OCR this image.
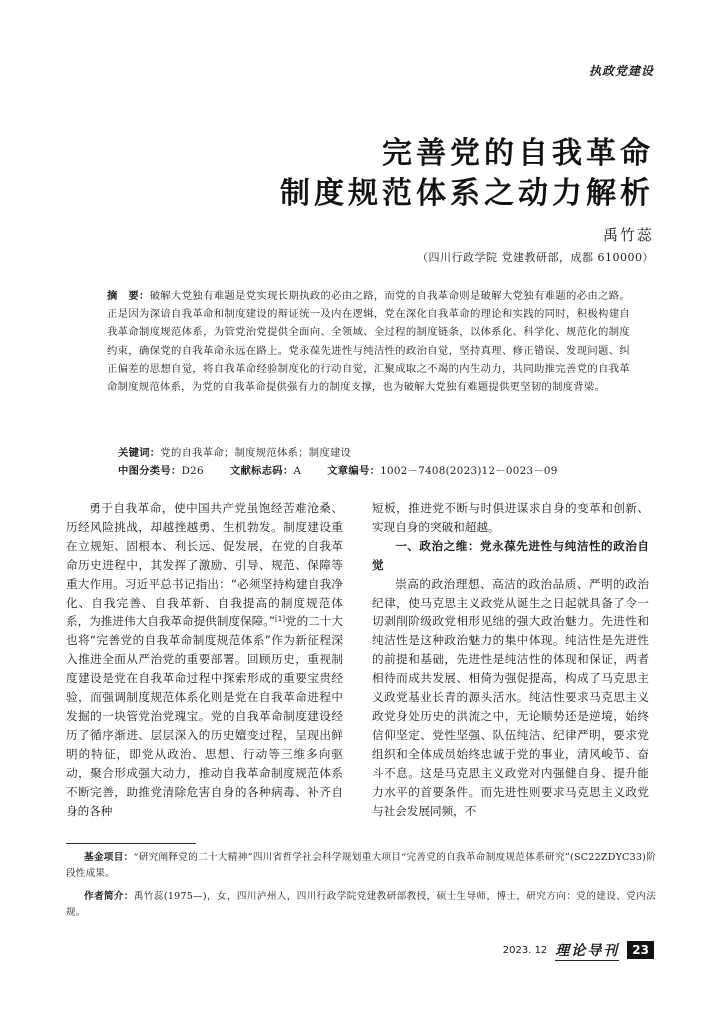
执政党建设
完善党的自我革命
制度规范体系之动力解析
禹竹蕊
（四川行政学院 党建教研部，成都 610000）
摘　要：破解大党独有难题是党实现长期执政的必由之路，而党的自我革命则是破解大党独有难题的必由之路。正是因为深谙自我革命和制度建设的辩证统一及内在逻辑，党在深化自我革命的理论和实践的同时，积极构建自我革命制度规范体系，为管党治党提供全面向、全领域、全过程的制度链条，以体系化、科学化、规范化的制度约束，确保党的自我革命永远在路上。党永葆先进性与纯洁性的政治自觉，坚持真理、修正错误、发现问题、纠正偏差的思想自觉，将自我革命经验制度化的行动自觉，汇聚成取之不竭的内生动力，共同助推完善党的自我革命制度规范体系，为党的自我革命提供强有力的制度支撑，也为破解大党独有难题提供更坚韧的制度背梁。
关键词：党的自我革命；制度规范体系；制度建设
中图分类号：D26	文献标志码：A	文章编号：1002－7408(2023)12－0023－09

勇于自我革命，使中国共产党虽饱经苦难沧桑、历经风险挑战，却越挫越勇、生机勃发。制度建设重在立规矩、固根本、利长远、促发展，在党的自我革命历史进程中，其发挥了激励、引导、规范、保障等重大作用。习近平总书记指出：“必须坚持构建自我净化、自我完善、自我革新、自我提高的制度规范体系，为推进伟大自我革命提供制度保障。”[1]党的二十大也将“完善党的自我革命制度规范体系”作为新征程深入推进全面从严治党的重要部署。回顾历史，重视制度建设是党在自我革命过程中探索形成的重要宝贵经验，而强调制度规范体系化则是党在自我革命进程中发掘的一块管党治党瑰宝。党的自我革命制度建设经历了循序渐进、层层深入的历史嬗变过程，呈现出鲜明的特征，即党从政治、思想、行动等三维多向驱动，聚合形成强大动力，推动自我革命制度规范体系不断完善，助推党清除危害自身的各种病毒、补齐自身的各种

短板，推进党不断与时俱进谋求自身的变革和创新、实现自身的突破和超越。

一、政治之维：党永葆先进性与纯洁性的政治自觉

崇高的政治理想、高洁的政治品质、严明的政治纪律，使马克思主义政党从诞生之日起就具备了令一切剥削阶级政党相形见绌的强大政治魅力。先进性和纯洁性是这种政治魅力的集中体现。纯洁性是先进性的前提和基础，先进性是纯洁性的体现和保证，两者相待而成共发展、相倚为强促提高，构成了马克思主义政党基业长青的源头活水。纯洁性要求马克思主义政党身处历史的洪流之中，无论顺势还是逆境，始终信仰坚定、党性坚强、队伍纯洁、纪律严明，要求党组织和全体成员始终忠诚于党的事业，清风峻节、奋斗不息。这是马克思主义政党对内强健自身、提升能力水平的首要条件。而先进性则要求马克思主义政党与社会发展同频，不

基金项目：“研究阐释党的二十大精神”四川省哲学社会科学规划重大项目“完善党的自我革命制度规范体系研究”(SC22ZDYC33)阶段性成果。
作者简介：禹竹蕊(1975—)，女，四川泸州人，四川行政学院党建教研部教授，硕士生导师，博士，研究方向：党的建设、党内法规。
2023. 12 理论导刊	23
